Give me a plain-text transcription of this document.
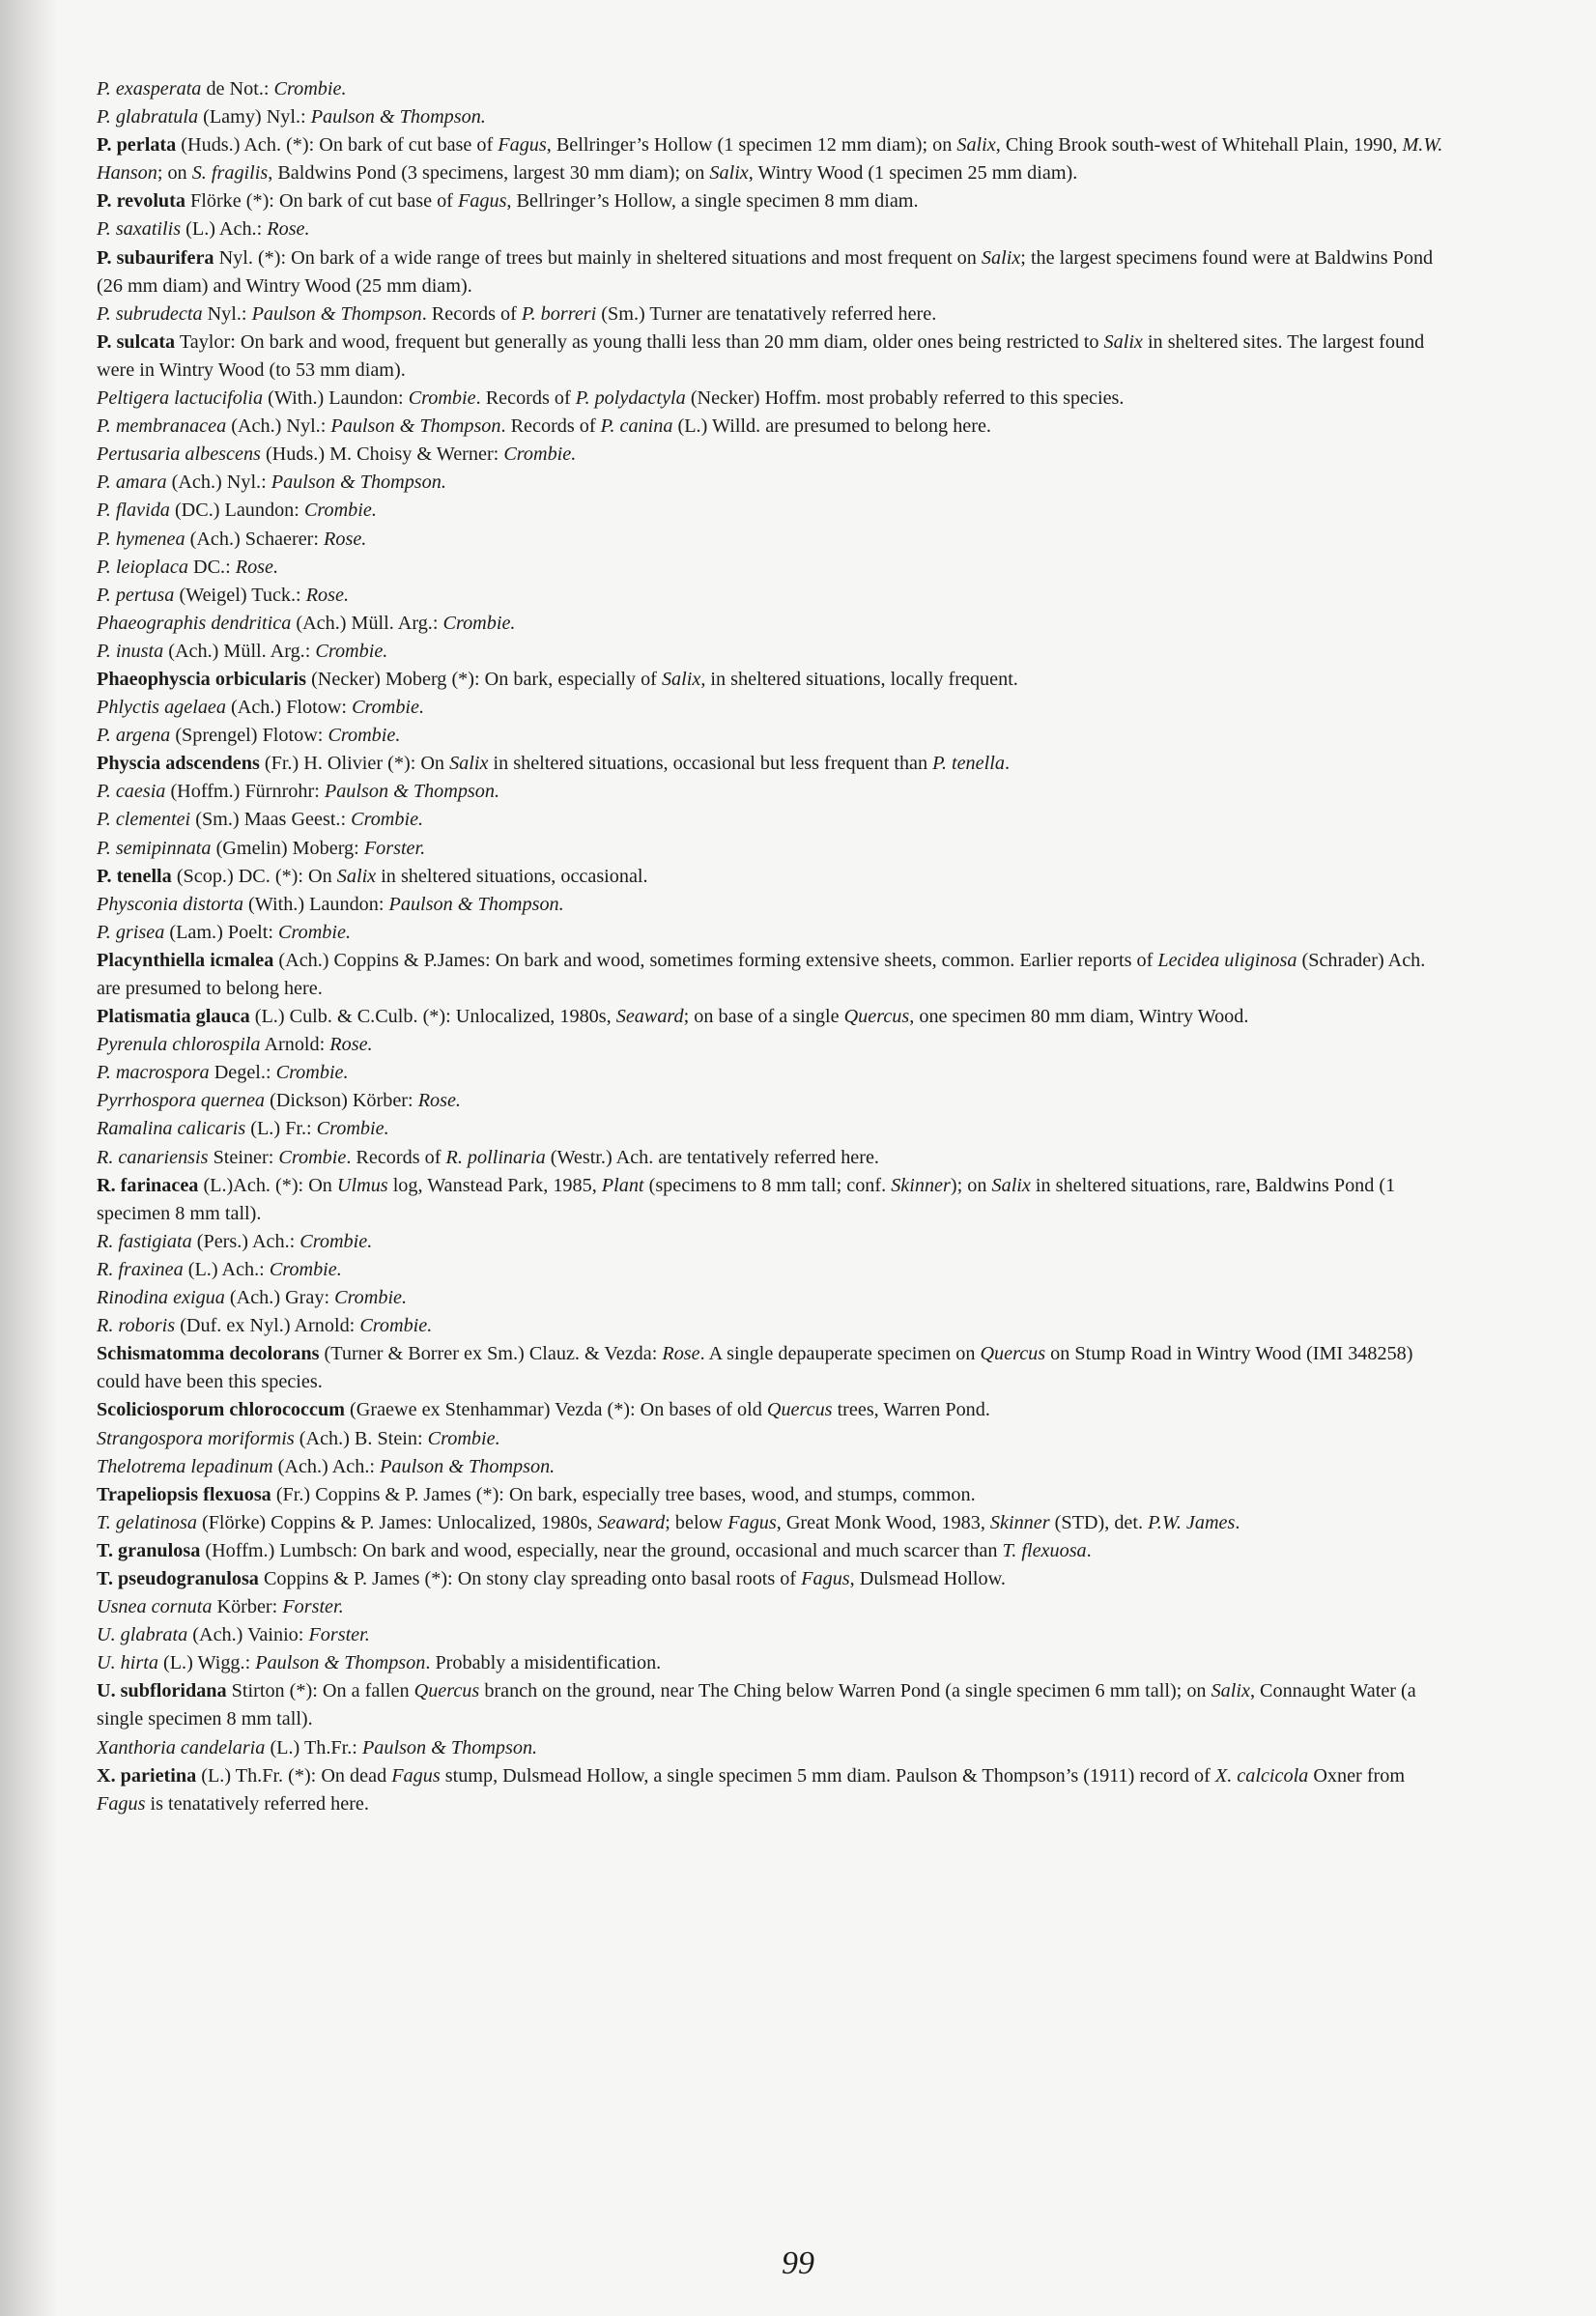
P. exasperata de Not.: Crombie.

P. glabratula (Lamy) Nyl.: Paulson & Thompson.

P. perlata (Huds.) Ach. (*): On bark of cut base of Fagus, Bellringer’s Hollow (1 specimen 12 mm diam); on Salix, Ching Brook south-west of Whitehall Plain, 1990, M.W. Hanson; on S. fragilis, Baldwins Pond (3 specimens, largest 30 mm diam); on Salix, Wintry Wood (1 specimen 25 mm diam).

P. revoluta Flörke (*): On bark of cut base of Fagus, Bellringer’s Hollow, a single specimen 8 mm diam.

P. saxatilis (L.) Ach.: Rose.

P. subaurifera Nyl. (*): On bark of a wide range of trees but mainly in sheltered situations and most frequent on Salix; the largest specimens found were at Baldwins Pond (26 mm diam) and Wintry Wood (25 mm diam).

P. subrudecta Nyl.: Paulson & Thompson. Records of P. borreri (Sm.) Turner are tenatatively referred here.

P. sulcata Taylor: On bark and wood, frequent but generally as young thalli less than 20 mm diam, older ones being restricted to Salix in sheltered sites. The largest found were in Wintry Wood (to 53 mm diam).

Peltigera lactucifolia (With.) Laundon: Crombie. Records of P. polydactyla (Necker) Hoffm. most probably referred to this species.

P. membranacea (Ach.) Nyl.: Paulson & Thompson. Records of P. canina (L.) Willd. are presumed to belong here.

Pertusaria albescens (Huds.) M. Choisy & Werner: Crombie.

P. amara (Ach.) Nyl.: Paulson & Thompson.

P. flavida (DC.) Laundon: Crombie.

P. hymenea (Ach.) Schaerer: Rose.

P. leioplaca DC.: Rose.

P. pertusa (Weigel) Tuck.: Rose.

Phaeographis dendritica (Ach.) Müll. Arg.: Crombie.

P. inusta (Ach.) Müll. Arg.: Crombie.

Phaeophyscia orbicularis (Necker) Moberg (*): On bark, especially of Salix, in sheltered situations, locally frequent.

Phlyctis agelaea (Ach.) Flotow: Crombie.

P. argena (Sprengel) Flotow: Crombie.

Physcia adscendens (Fr.) H. Olivier (*): On Salix in sheltered situations, occasional but less frequent than P. tenella.

P. caesia (Hoffm.) Fürnrohr: Paulson & Thompson.

P. clementei (Sm.) Maas Geest.: Crombie.

P. semipinnata (Gmelin) Moberg: Forster.

P. tenella (Scop.) DC. (*): On Salix in sheltered situations, occasional.

Physconia distorta (With.) Laundon: Paulson & Thompson.

P. grisea (Lam.) Poelt: Crombie.

Placynthiella icmalea (Ach.) Coppins & P.James: On bark and wood, sometimes forming extensive sheets, common. Earlier reports of Lecidea uliginosa (Schrader) Ach. are presumed to belong here.

Platismatia glauca (L.) Culb. & C.Culb. (*): Unlocalized, 1980s, Seaward; on base of a single Quercus, one specimen 80 mm diam, Wintry Wood.

Pyrenula chlorospila Arnold: Rose.

P. macrospora Degel.: Crombie.

Pyrrhospora quernea (Dickson) Körber: Rose.

Ramalina calicaris (L.) Fr.: Crombie.

R. canariensis Steiner: Crombie. Records of R. pollinaria (Westr.) Ach. are tentatively referred here.

R. farinacea (L.)Ach. (*): On Ulmus log, Wanstead Park, 1985, Plant (specimens to 8 mm tall; conf. Skinner); on Salix in sheltered situations, rare, Baldwins Pond (1 specimen 8 mm tall).

R. fastigiata (Pers.) Ach.: Crombie.

R. fraxinea (L.) Ach.: Crombie.

Rinodina exigua (Ach.) Gray: Crombie.

R. roboris (Duf. ex Nyl.) Arnold: Crombie.

Schismatomma decolorans (Turner & Borrer ex Sm.) Clauz. & Vezda: Rose. A single depauperate specimen on Quercus on Stump Road in Wintry Wood (IMI 348258) could have been this species.

Scoliciosporum chlorococcum (Graewe ex Stenhammar) Vezda (*): On bases of old Quercus trees, Warren Pond.

Strangospora moriformis (Ach.) B. Stein: Crombie.

Thelotrema lepadinum (Ach.) Ach.: Paulson & Thompson.

Trapeliopsis flexuosa (Fr.) Coppins & P. James (*): On bark, especially tree bases, wood, and stumps, common.

T. gelatinosa (Flörke) Coppins & P. James: Unlocalized, 1980s, Seaward; below Fagus, Great Monk Wood, 1983, Skinner (STD), det. P.W. James.

T. granulosa (Hoffm.) Lumbsch: On bark and wood, especially, near the ground, occasional and much scarcer than T. flexuosa.

T. pseudogranulosa Coppins & P. James (*): On stony clay spreading onto basal roots of Fagus, Dulsmead Hollow.

Usnea cornuta Körber: Forster.

U. glabrata (Ach.) Vainio: Forster.

U. hirta (L.) Wigg.: Paulson & Thompson. Probably a misidentification.

U. subfloridana Stirton (*): On a fallen Quercus branch on the ground, near The Ching below Warren Pond (a single specimen 6 mm tall); on Salix, Connaught Water (a single specimen 8 mm tall).

Xanthoria candelaria (L.) Th.Fr.: Paulson & Thompson.

X. parietina (L.) Th.Fr. (*): On dead Fagus stump, Dulsmead Hollow, a single specimen 5 mm diam. Paulson & Thompson’s (1911) record of X. calcicola Oxner from Fagus is tenatatively referred here.

99
